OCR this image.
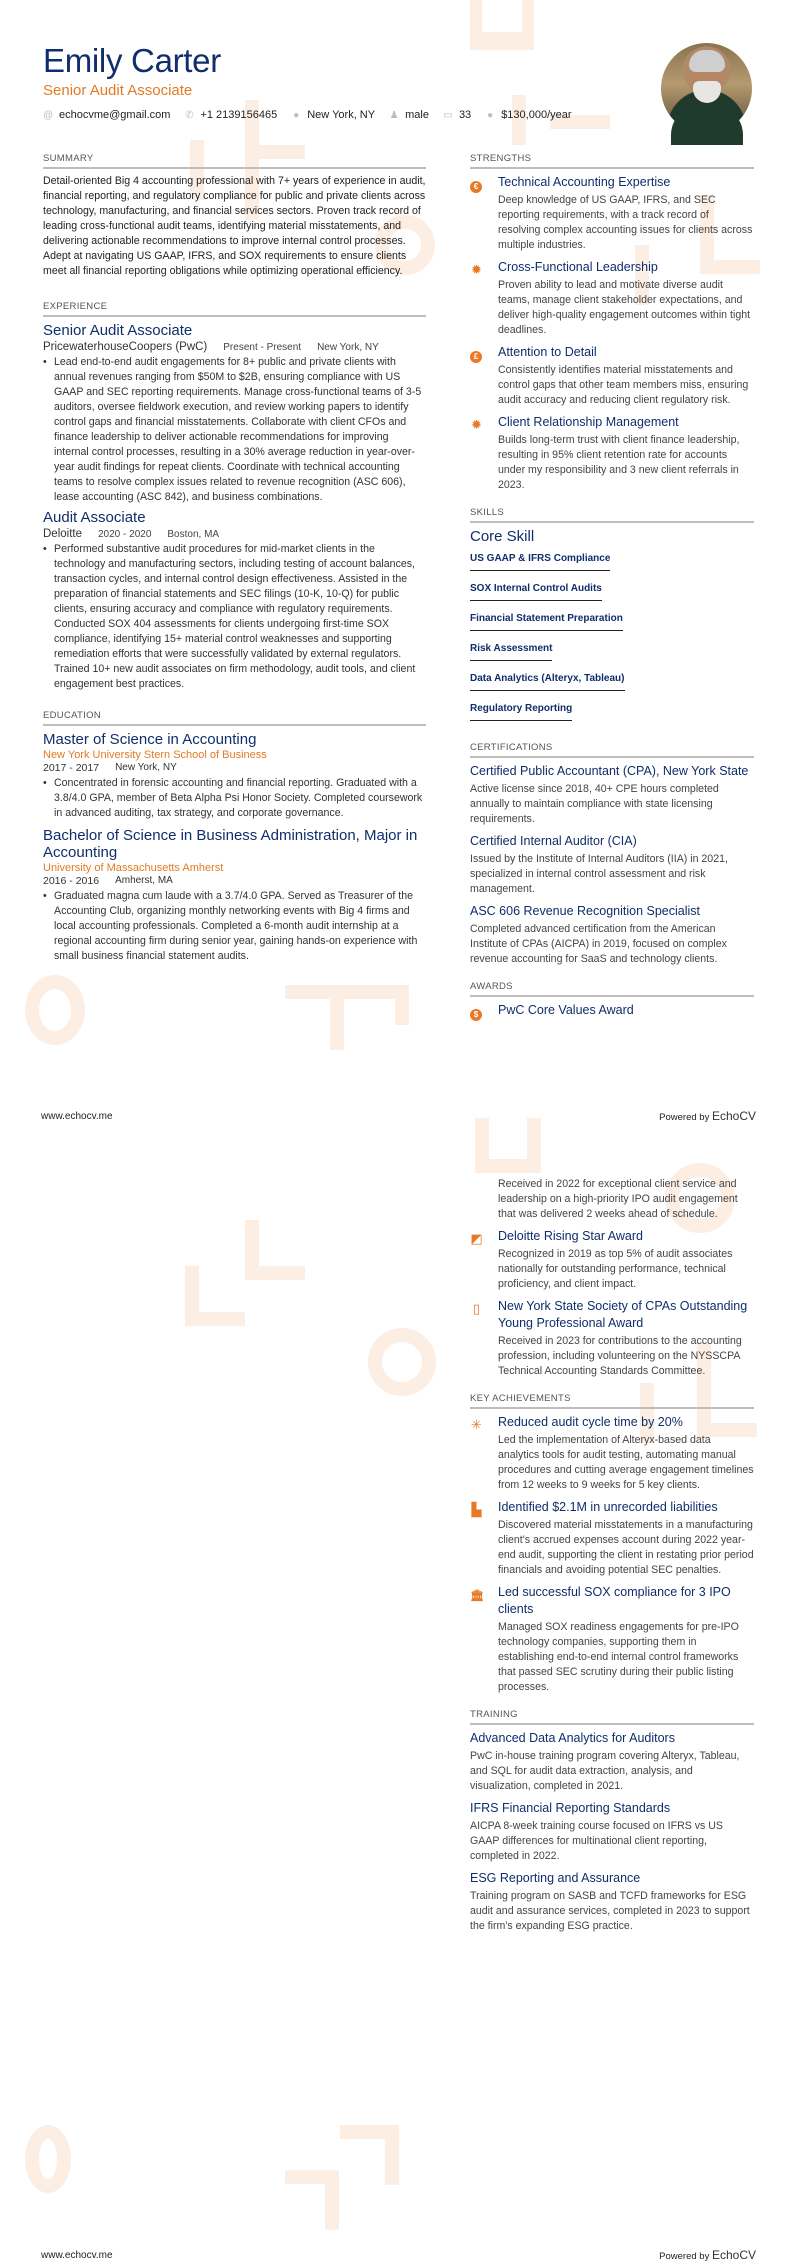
Emily Carter
Senior Audit Associate
@ echocvme@gmail.com ✆ +1 2139156465 ● New York, NY ♟ male ▭ 33 ● $130,000/year
SUMMARY

Detail-oriented Big 4 accounting professional with 7+ years of experience in audit, financial reporting, and regulatory compliance for public and private clients across technology, manufacturing, and financial services sectors. Proven track record of leading cross-functional audit teams, identifying material misstatements, and delivering actionable recommendations to improve internal control processes. Adept at navigating US GAAP, IFRS, and SOX requirements to ensure clients meet all financial reporting obligations while optimizing operational efficiency.

EXPERIENCE
Senior Audit Associate
PricewaterhouseCoopers (PwC) Present - Present New York, NY
• Lead end-to-end audit engagements for 8+ public and private clients with annual revenues ranging from $50M to $2B, ensuring compliance with US GAAP and SEC reporting requirements. Manage cross-functional teams of 3-5 auditors, oversee fieldwork execution, and review working papers to identify control gaps and financial misstatements. Collaborate with client CFOs and finance leadership to deliver actionable recommendations for improving internal control processes, resulting in a 30% average reduction in year-over-year audit findings for repeat clients. Coordinate with technical accounting teams to resolve complex issues related to revenue recognition (ASC 606), lease accounting (ASC 842), and business combinations.
Audit Associate
Deloitte 2020 - 2020 Boston, MA
• Performed substantive audit procedures for mid-market clients in the technology and manufacturing sectors, including testing of account balances, transaction cycles, and internal control design effectiveness. Assisted in the preparation of financial statements and SEC filings (10-K, 10-Q) for public clients, ensuring accuracy and compliance with regulatory requirements. Conducted SOX 404 assessments for clients undergoing first-time SOX compliance, identifying 15+ material control weaknesses and supporting remediation efforts that were successfully validated by external regulators. Trained 10+ new audit associates on firm methodology, audit tools, and client engagement best practices.
EDUCATION
Master of Science in Accounting
New York University Stern School of Business
2017 - 2017 New York, NY
• Concentrated in forensic accounting and financial reporting. Graduated with a 3.8/4.0 GPA, member of Beta Alpha Psi Honor Society. Completed coursework in advanced auditing, tax strategy, and corporate governance.
Bachelor of Science in Business Administration, Major in Accounting
University of Massachusetts Amherst
2016 - 2016 Amherst, MA
• Graduated magna cum laude with a 3.7/4.0 GPA. Served as Treasurer of the Accounting Club, organizing monthly networking events with Big 4 firms and local accounting professionals. Completed a 6-month audit internship at a regional accounting firm during senior year, gaining hands-on experience with small business financial statement audits.
STRENGTHS
€	Technical Accounting Expertise
Deep knowledge of US GAAP, IFRS, and SEC reporting requirements, with a track record of resolving complex accounting issues for clients across multiple industries.
✹	Cross-Functional Leadership
Proven ability to lead and motivate diverse audit teams, manage client stakeholder expectations, and deliver high-quality engagement outcomes within tight deadlines.
£	Attention to Detail
Consistently identifies material misstatements and control gaps that other team members miss, ensuring audit accuracy and reducing client regulatory risk.
✹	Client Relationship Management
Builds long-term trust with client finance leadership, resulting in 95% client retention rate for accounts under my responsibility and 3 new client referrals in 2023.
SKILLS
Core Skill
US GAAP & IFRS Compliance
SOX Internal Control Audits
Financial Statement Preparation
Risk Assessment
Data Analytics (Alteryx, Tableau)
Regulatory Reporting
CERTIFICATIONS
Certified Public Accountant (CPA), New York State
Active license since 2018, 40+ CPE hours completed annually to maintain compliance with state licensing requirements.
Certified Internal Auditor (CIA)
Issued by the Institute of Internal Auditors (IIA) in 2021, specialized in internal control assessment and risk management.
ASC 606 Revenue Recognition Specialist
Completed advanced certification from the American Institute of CPAs (AICPA) in 2019, focused on complex revenue accounting for SaaS and technology clients.
AWARDS
$	PwC Core Values Award
www.echocv.me	Powered by EchoCV
Received in 2022 for exceptional client service and leadership on a high-priority IPO audit engagement that was delivered 2 weeks ahead of schedule.
◩	Deloitte Rising Star Award
Recognized in 2019 as top 5% of audit associates nationally for outstanding performance, technical proficiency, and client impact.
▯	New York State Society of CPAs Outstanding Young Professional Award
Received in 2023 for contributions to the accounting profession, including volunteering on the NYSSCPA Technical Accounting Standards Committee.
KEY ACHIEVEMENTS
✳	Reduced audit cycle time by 20%
Led the implementation of Alteryx-based data analytics tools for audit testing, automating manual procedures and cutting average engagement timelines from 12 weeks to 9 weeks for 5 key clients.
▙	Identified $2.1M in unrecorded liabilities
Discovered material misstatements in a manufacturing client's accrued expenses account during 2022 year-end audit, supporting the client in restating prior period financials and avoiding potential SEC penalties.
🏛	Led successful SOX compliance for 3 IPO clients
Managed SOX readiness engagements for pre-IPO technology companies, supporting them in establishing end-to-end internal control frameworks that passed SEC scrutiny during their public listing processes.
TRAINING
Advanced Data Analytics for Auditors
PwC in-house training program covering Alteryx, Tableau, and SQL for audit data extraction, analysis, and visualization, completed in 2021.
IFRS Financial Reporting Standards
AICPA 8-week training course focused on IFRS vs US GAAP differences for multinational client reporting, completed in 2022.
ESG Reporting and Assurance
Training program on SASB and TCFD frameworks for ESG audit and assurance services, completed in 2023 to support the firm's expanding ESG practice.
www.echocv.me	Powered by EchoCV
